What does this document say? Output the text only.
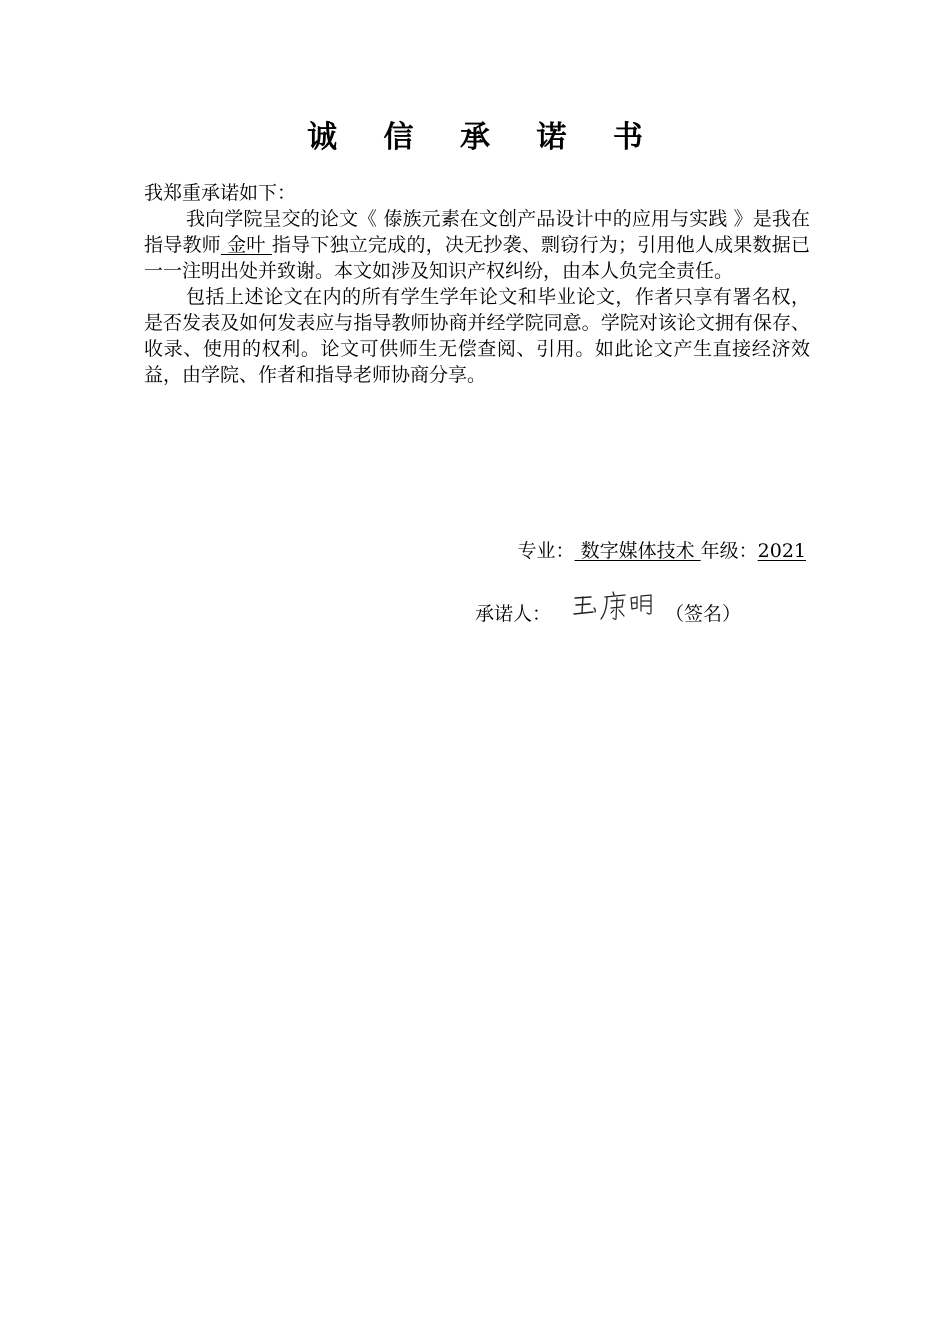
诚 信 承 诺 书

我郑重承诺如下：

我向学院呈交的论文《 傣族元素在文创产品设计中的应用与实践 》是我在指导教师 金叶 指导下独立完成的，决无抄袭、剽窃行为；引用他人成果数据已一一注明出处并致谢。本文如涉及知识产权纠纷，由本人负完全责任。

包括上述论文在内的所有学生学年论文和毕业论文，作者只享有署名权，是否发表及如何发表应与指导教师协商并经学院同意。学院对该论文拥有保存、收录、使用的权利。论文可供师生无偿查阅、引用。如此论文产生直接经济效益，由学院、作者和指导老师协商分享。

专业： 数字媒体技术 年级：2021
承诺人：	（签名）
